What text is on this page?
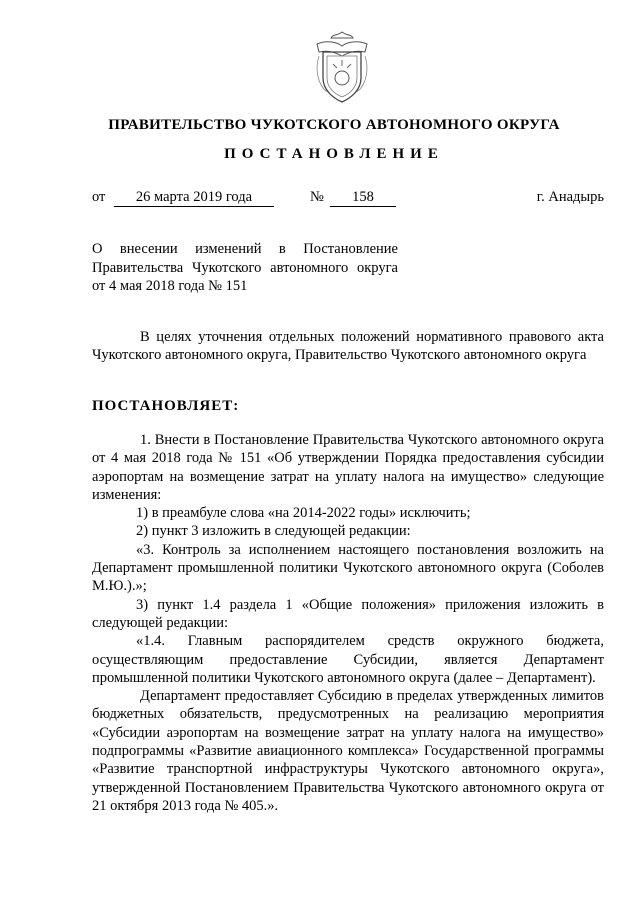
ПРАВИТЕЛЬСТВО ЧУКОТСКОГО АВТОНОМНОГО ОКРУГА
ПОСТАНОВЛЕНИЕ
от	26 марта 2019 года	№	158	г. Анадырь
О внесении изменений в Постановление
Правительства Чукотского автономного округа
от 4 мая 2018 года № 151

В целях уточнения отдельных положений нормативного правового акта Чукотского автономного округа, Правительство Чукотского автономного округа

ПОСТАНОВЛЯЕТ:

1. Внести в Постановление Правительства Чукотского автономного округа от 4 мая 2018 года № 151 «Об утверждении Порядка предоставления субсидии аэропортам на возмещение затрат на уплату налога на имущество» следующие изменения:

1) в преамбуле слова «на 2014-2022 годы» исключить;

2) пункт 3 изложить в следующей редакции:

«3. Контроль за исполнением настоящего постановления возложить на Департамент промышленной политики Чукотского автономного округа (Соболев М.Ю.).»;

3) пункт 1.4 раздела 1 «Общие положения» приложения изложить в следующей редакции:

«1.4. Главным распорядителем средств окружного бюджета, осуществляющим предоставление Субсидии, является Департамент промышленной политики Чукотского автономного округа (далее – Департамент).

Департамент предоставляет Субсидию в пределах утвержденных лимитов бюджетных обязательств, предусмотренных на реализацию мероприятия «Субсидии аэропортам на возмещение затрат на уплату налога на имущество» подпрограммы «Развитие авиационного комплекса» Государственной программы «Развитие транспортной инфраструктуры Чукотского автономного округа», утвержденной Постановлением Правительства Чукотского автономного округа от 21 октября 2013 года № 405.».
